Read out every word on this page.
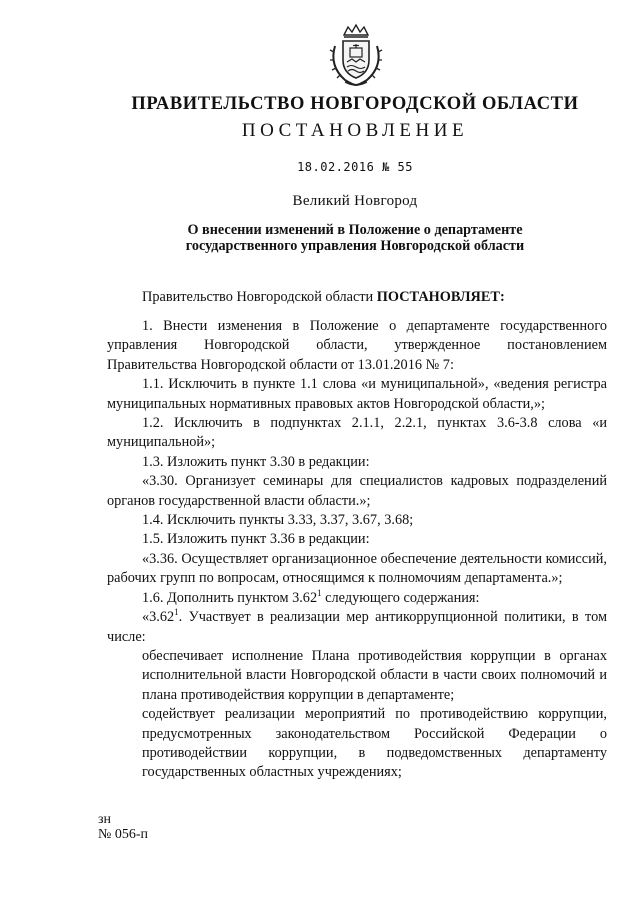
ПРАВИТЕЛЬСТВО НОВГОРОДСКОЙ ОБЛАСТИ
ПОСТАНОВЛЕНИЕ
18.02.2016 № 55
Великий Новгород
О внесении изменений в Положение о департаменте
государственного управления Новгородской области

Правительство Новгородской области ПОСТАНОВЛЯЕТ:

1. Внести изменения в Положение о департаменте государственного управления Новгородской области, утвержденное постановлением Правительства Новгородской области от 13.01.2016 № 7:

1.1. Исключить в пункте 1.1 слова «и муниципальной», «ведения регистра муниципальных нормативных правовых актов Новгородской области,»;

1.2. Исключить в подпунктах 2.1.1, 2.2.1, пунктах 3.6-3.8 слова «и муниципальной»;

1.3. Изложить пункт 3.30 в редакции:

«3.30. Организует семинары для специалистов кадровых подразделений органов государственной власти области.»;

1.4. Исключить пункты 3.33, 3.37, 3.67, 3.68;

1.5. Изложить пункт 3.36 в редакции:

«3.36. Осуществляет организационное обеспечение деятельности комиссий, рабочих групп по вопросам, относящимся к полномочиям департамента.»;

1.6. Дополнить пунктом 3.62$^1$ следующего содержания:

«3.62$^1$. Участвует в реализации мер антикоррупционной политики, в том числе:

обеспечивает исполнение Плана противодействия коррупции в органах исполнительной власти Новгородской области в части своих полномочий и плана противодействия коррупции в департаменте;

содействует реализации мероприятий по противодействию коррупции, предусмотренных законодательством Российской Федерации о противодействии коррупции, в подведомственных департаменту государственных областных учреждениях;

зн
№ 056-п
